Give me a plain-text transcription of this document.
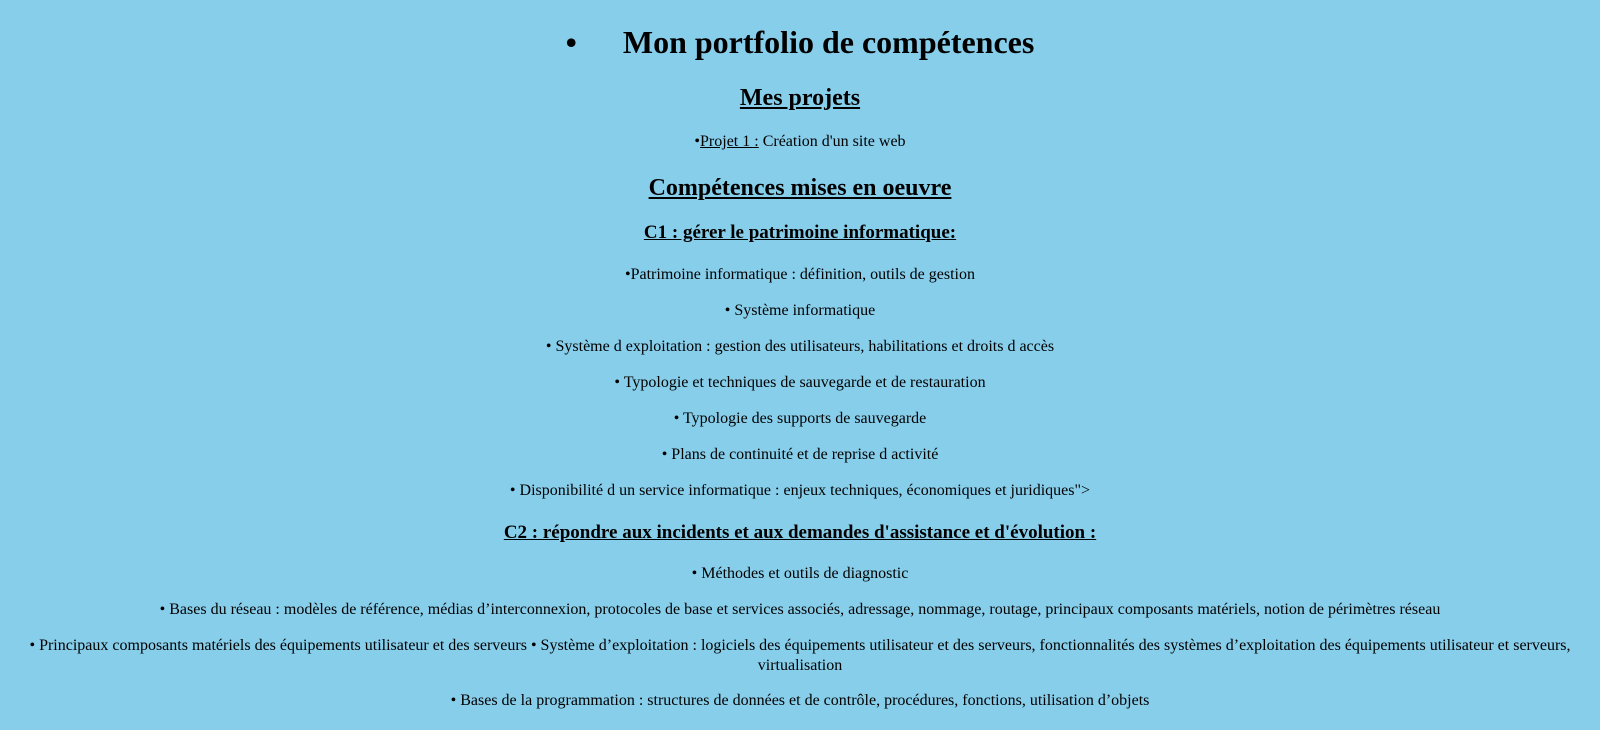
• Mon portfolio de compétences
Mes projets

•Projet 1 : Création d'un site web

Compétences mises en oeuvre
C1 : gérer le patrimoine informatique:

•Patrimoine informatique : définition, outils de gestion

• Système informatique

• Système d exploitation : gestion des utilisateurs, habilitations et droits d accès

• Typologie et techniques de sauvegarde et de restauration

• Typologie des supports de sauvegarde

• Plans de continuité et de reprise d activité

• Disponibilité d un service informatique : enjeux techniques, économiques et juridiques">

C2 : répondre aux incidents et aux demandes d'assistance et d'évolution :

• Méthodes et outils de diagnostic

• Bases du réseau : modèles de référence, médias d’interconnexion, protocoles de base et services associés, adressage, nommage, routage, principaux composants matériels, notion de périmètres réseau

• Principaux composants matériels des équipements utilisateur et des serveurs • Système d’exploitation : logiciels des équipements utilisateur et des serveurs, fonctionnalités des systèmes d’exploitation des équipements utilisateur et serveurs, virtualisation

• Bases de la programmation : structures de données et de contrôle, procédures, fonctions, utilisation d’objets
